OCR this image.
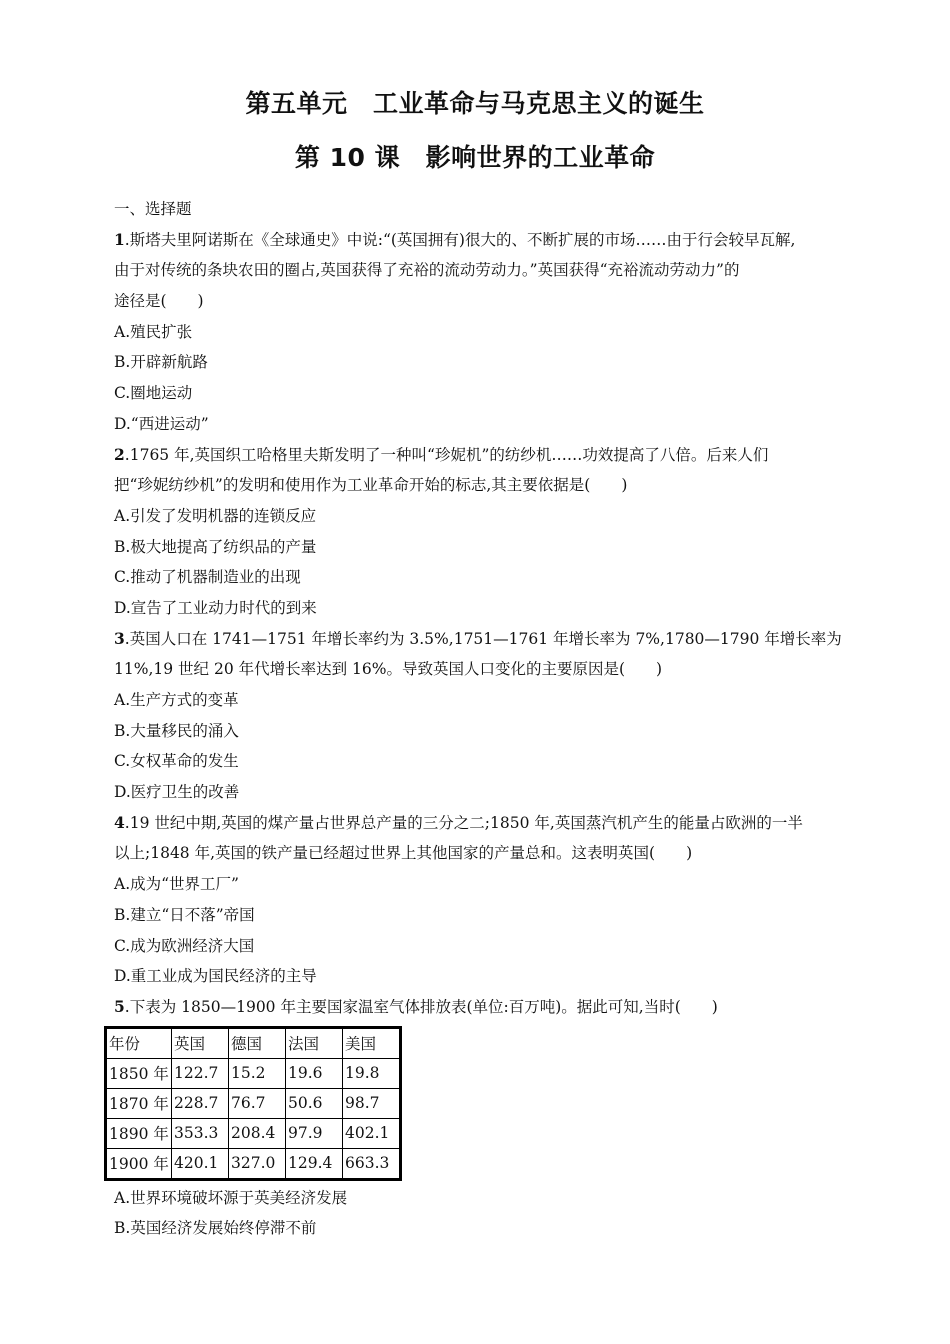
第五单元　工业革命与马克思主义的诞生
第 10 课　影响世界的工业革命
一、选择题
1.斯塔夫里阿诺斯在《全球通史》中说:“(英国拥有)很大的、不断扩展的市场……由于行会较早瓦解,
由于对传统的条块农田的圈占,英国获得了充裕的流动劳动力。”英国获得“充裕流动劳动力”的
途径是(　　)
A.殖民扩张
B.开辟新航路
C.圈地运动
D.“西进运动”
2.1765 年,英国织工哈格里夫斯发明了一种叫“珍妮机”的纺纱机……功效提高了八倍。后来人们
把“珍妮纺纱机”的发明和使用作为工业革命开始的标志,其主要依据是(　　)
A.引发了发明机器的连锁反应
B.极大地提高了纺织品的产量
C.推动了机器制造业的出现
D.宣告了工业动力时代的到来
3.英国人口在 1741—1751 年增长率约为 3.5%,1751—1761 年增长率为 7%,1780—1790 年增长率为
11%,19 世纪 20 年代增长率达到 16%。导致英国人口变化的主要原因是(　　)
A.生产方式的变革
B.大量移民的涌入
C.女权革命的发生
D.医疗卫生的改善
4.19 世纪中期,英国的煤产量占世界总产量的三分之二;1850 年,英国蒸汽机产生的能量占欧洲的一半
以上;1848 年,英国的铁产量已经超过世界上其他国家的产量总和。这表明英国(　　)
A.成为“世界工厂”
B.建立“日不落”帝国
C.成为欧洲经济大国
D.重工业成为国民经济的主导
5.下表为 1850—1900 年主要国家温室气体排放表(单位:百万吨)。据此可知,当时(　　)
年份	英国	德国	法国	美国
1850 年	122.7	15.2	19.6	19.8
1870 年	228.7	76.7	50.6	98.7
1890 年	353.3	208.4	97.9	402.1
1900 年	420.1	327.0	129.4	663.3
A.世界环境破坏源于英美经济发展
B.英国经济发展始终停滞不前
